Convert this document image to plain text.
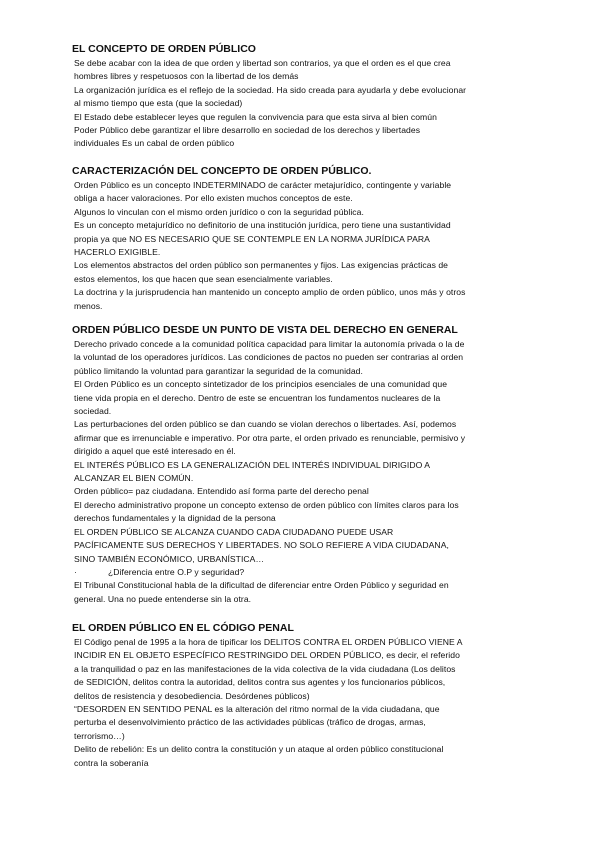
EL CONCEPTO DE ORDEN PÚBLICO

Se debe acabar con la idea de que orden y libertad son contrarios, ya que el orden es el que crea

hombres libres y respetuosos con la libertad de los demás

La organización jurídica es el reflejo de la sociedad. Ha sido creada para ayudarla y debe evolucionar

al mismo tiempo que esta (que la sociedad)

El Estado debe establecer leyes que regulen la convivencia para que esta sirva al bien común

Poder Público debe garantizar el libre desarrollo en sociedad de los derechos y libertades

individuales Es un cabal de orden público

CARACTERIZACIÓN DEL CONCEPTO DE ORDEN PÚBLICO.

Orden Público es un concepto INDETERMINADO de carácter metajurídico, contingente y variable

obliga a hacer valoraciones. Por ello existen muchos conceptos de este.

Algunos lo vinculan con el mismo orden jurídico o con la seguridad pública.

Es un concepto metajurídico no definitorio de una institución jurídica, pero tiene una sustantividad

propia ya que NO ES NECESARIO QUE SE CONTEMPLE EN LA NORMA JURÍDICA PARA

HACERLO EXIGIBLE.

Los elementos abstractos del orden público son permanentes y fijos. Las exigencias prácticas de

estos elementos, los que hacen que sean esencialmente variables.

La doctrina y la jurisprudencia han mantenido un concepto amplio de orden público, unos más y otros

menos.

ORDEN PÚBLICO DESDE UN PUNTO DE VISTA DEL DERECHO EN GENERAL

Derecho privado concede a la comunidad política capacidad para limitar la autonomía privada o la de

la voluntad de los operadores jurídicos. Las condiciones de pactos no pueden ser contrarias al orden

público limitando la voluntad para garantizar la seguridad de la comunidad.

El Orden Público es un concepto sintetizador de los principios esenciales de una comunidad que

tiene vida propia en el derecho. Dentro de este se encuentran los fundamentos nucleares de la

sociedad.

Las perturbaciones del orden público se dan cuando se violan derechos o libertades. Así, podemos

afirmar que es irrenunciable e imperativo. Por otra parte, el orden privado es renunciable, permisivo y

dirigido a aquel que esté interesado en él.

EL INTERÉS PÚBLICO ES LA GENERALIZACIÓN DEL INTERÉS INDIVIDUAL DIRIGIDO A

ALCANZAR EL BIEN COMÚN.

Orden público= paz ciudadana. Entendido así forma parte del derecho penal

El derecho administrativo propone un concepto extenso de orden público con límites claros para los

derechos fundamentales y la dignidad de la persona

EL ORDEN PÚBLICO SE ALCANZA CUANDO CADA CIUDADANO PUEDE USAR

PACÍFICAMENTE SUS DERECHOS Y LIBERTADES. NO SOLO REFIERE A VIDA CIUDADANA,

SINO TAMBIÉN ECONÓMICO, URBANÍSTICA…

·	¿Diferencia entre O.P y seguridad?

El Tribunal Constitucional habla de la dificultad de diferenciar entre Orden Público y seguridad en

general. Una no puede entenderse sin la otra.

EL ORDEN PÚBLICO EN EL CÓDIGO PENAL

El Código penal de 1995 a la hora de tipificar los DELITOS CONTRA EL ORDEN PÚBLICO VIENE A

INCIDIR EN EL OBJETO ESPECÍFICO RESTRINGIDO DEL ORDEN PÚBLICO, es decir, el referido

a la tranquilidad o paz en las manifestaciones de la vida colectiva de la vida ciudadana (Los delitos

de SEDICIÓN, delitos contra la autoridad, delitos contra sus agentes y los funcionarios públicos,

delitos de resistencia y desobediencia. Desórdenes públicos)

“DESORDEN EN SENTIDO PENAL es la alteración del ritmo normal de la vida ciudadana, que

perturba el desenvolvimiento práctico de las actividades públicas (tráfico de drogas, armas,

terrorismo…)

Delito de rebelión: Es un delito contra la constitución y un ataque al orden público constitucional

contra la soberanía
